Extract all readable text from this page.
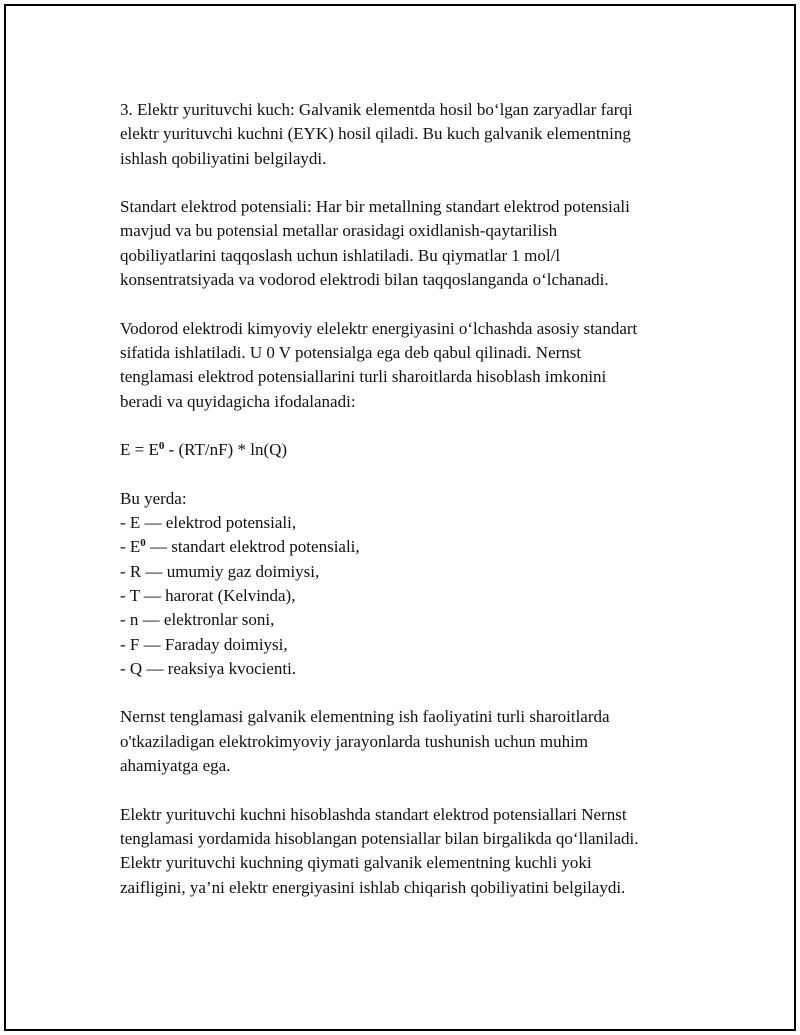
3. Elektr yurituvchi kuch: Galvanik elementda hosil bo‘lgan zaryadlar farqi
elektr yurituvchi kuchni (EYK) hosil qiladi. Bu kuch galvanik elementning
ishlash qobiliyatini belgilaydi.

Standart elektrod potensiali: Har bir metallning standart elektrod potensiali
mavjud va bu potensial metallar orasidagi oxidlanish-qaytarilish
qobiliyatlarini taqqoslash uchun ishlatiladi. Bu qiymatlar 1 mol/l
konsentratsiyada va vodorod elektrodi bilan taqqoslanganda o‘lchanadi.

Vodorod elektrodi kimyoviy elelektr energiyasini o‘lchashda asosiy standart
sifatida ishlatiladi. U 0 V potensialga ega deb qabul qilinadi. Nernst
tenglamasi elektrod potensiallarini turli sharoitlarda hisoblash imkonini
beradi va quyidagicha ifodalanadi:

$E = E^0 - (RT/nF) * \ln(Q)$

Bu yerda:
- E — elektrod potensiali,
- $E^0$ — standart elektrod potensiali,
- R — umumiy gaz doimiysi,
- T — harorat (Kelvinda),
- n — elektronlar soni,
- F — Faraday doimiysi,
- Q — reaksiya kvocienti.

Nernst tenglamasi galvanik elementning ish faoliyatini turli sharoitlarda
o'tkaziladigan elektrokimyoviy jarayonlarda tushunish uchun muhim
ahamiyatga ega.

Elektr yurituvchi kuchni hisoblashda standart elektrod potensiallari Nernst
tenglamasi yordamida hisoblangan potensiallar bilan birgalikda qo‘llaniladi.
Elektr yurituvchi kuchning qiymati galvanik elementning kuchli yoki
zaifligini, ya’ni elektr energiyasini ishlab chiqarish qobiliyatini belgilaydi.
